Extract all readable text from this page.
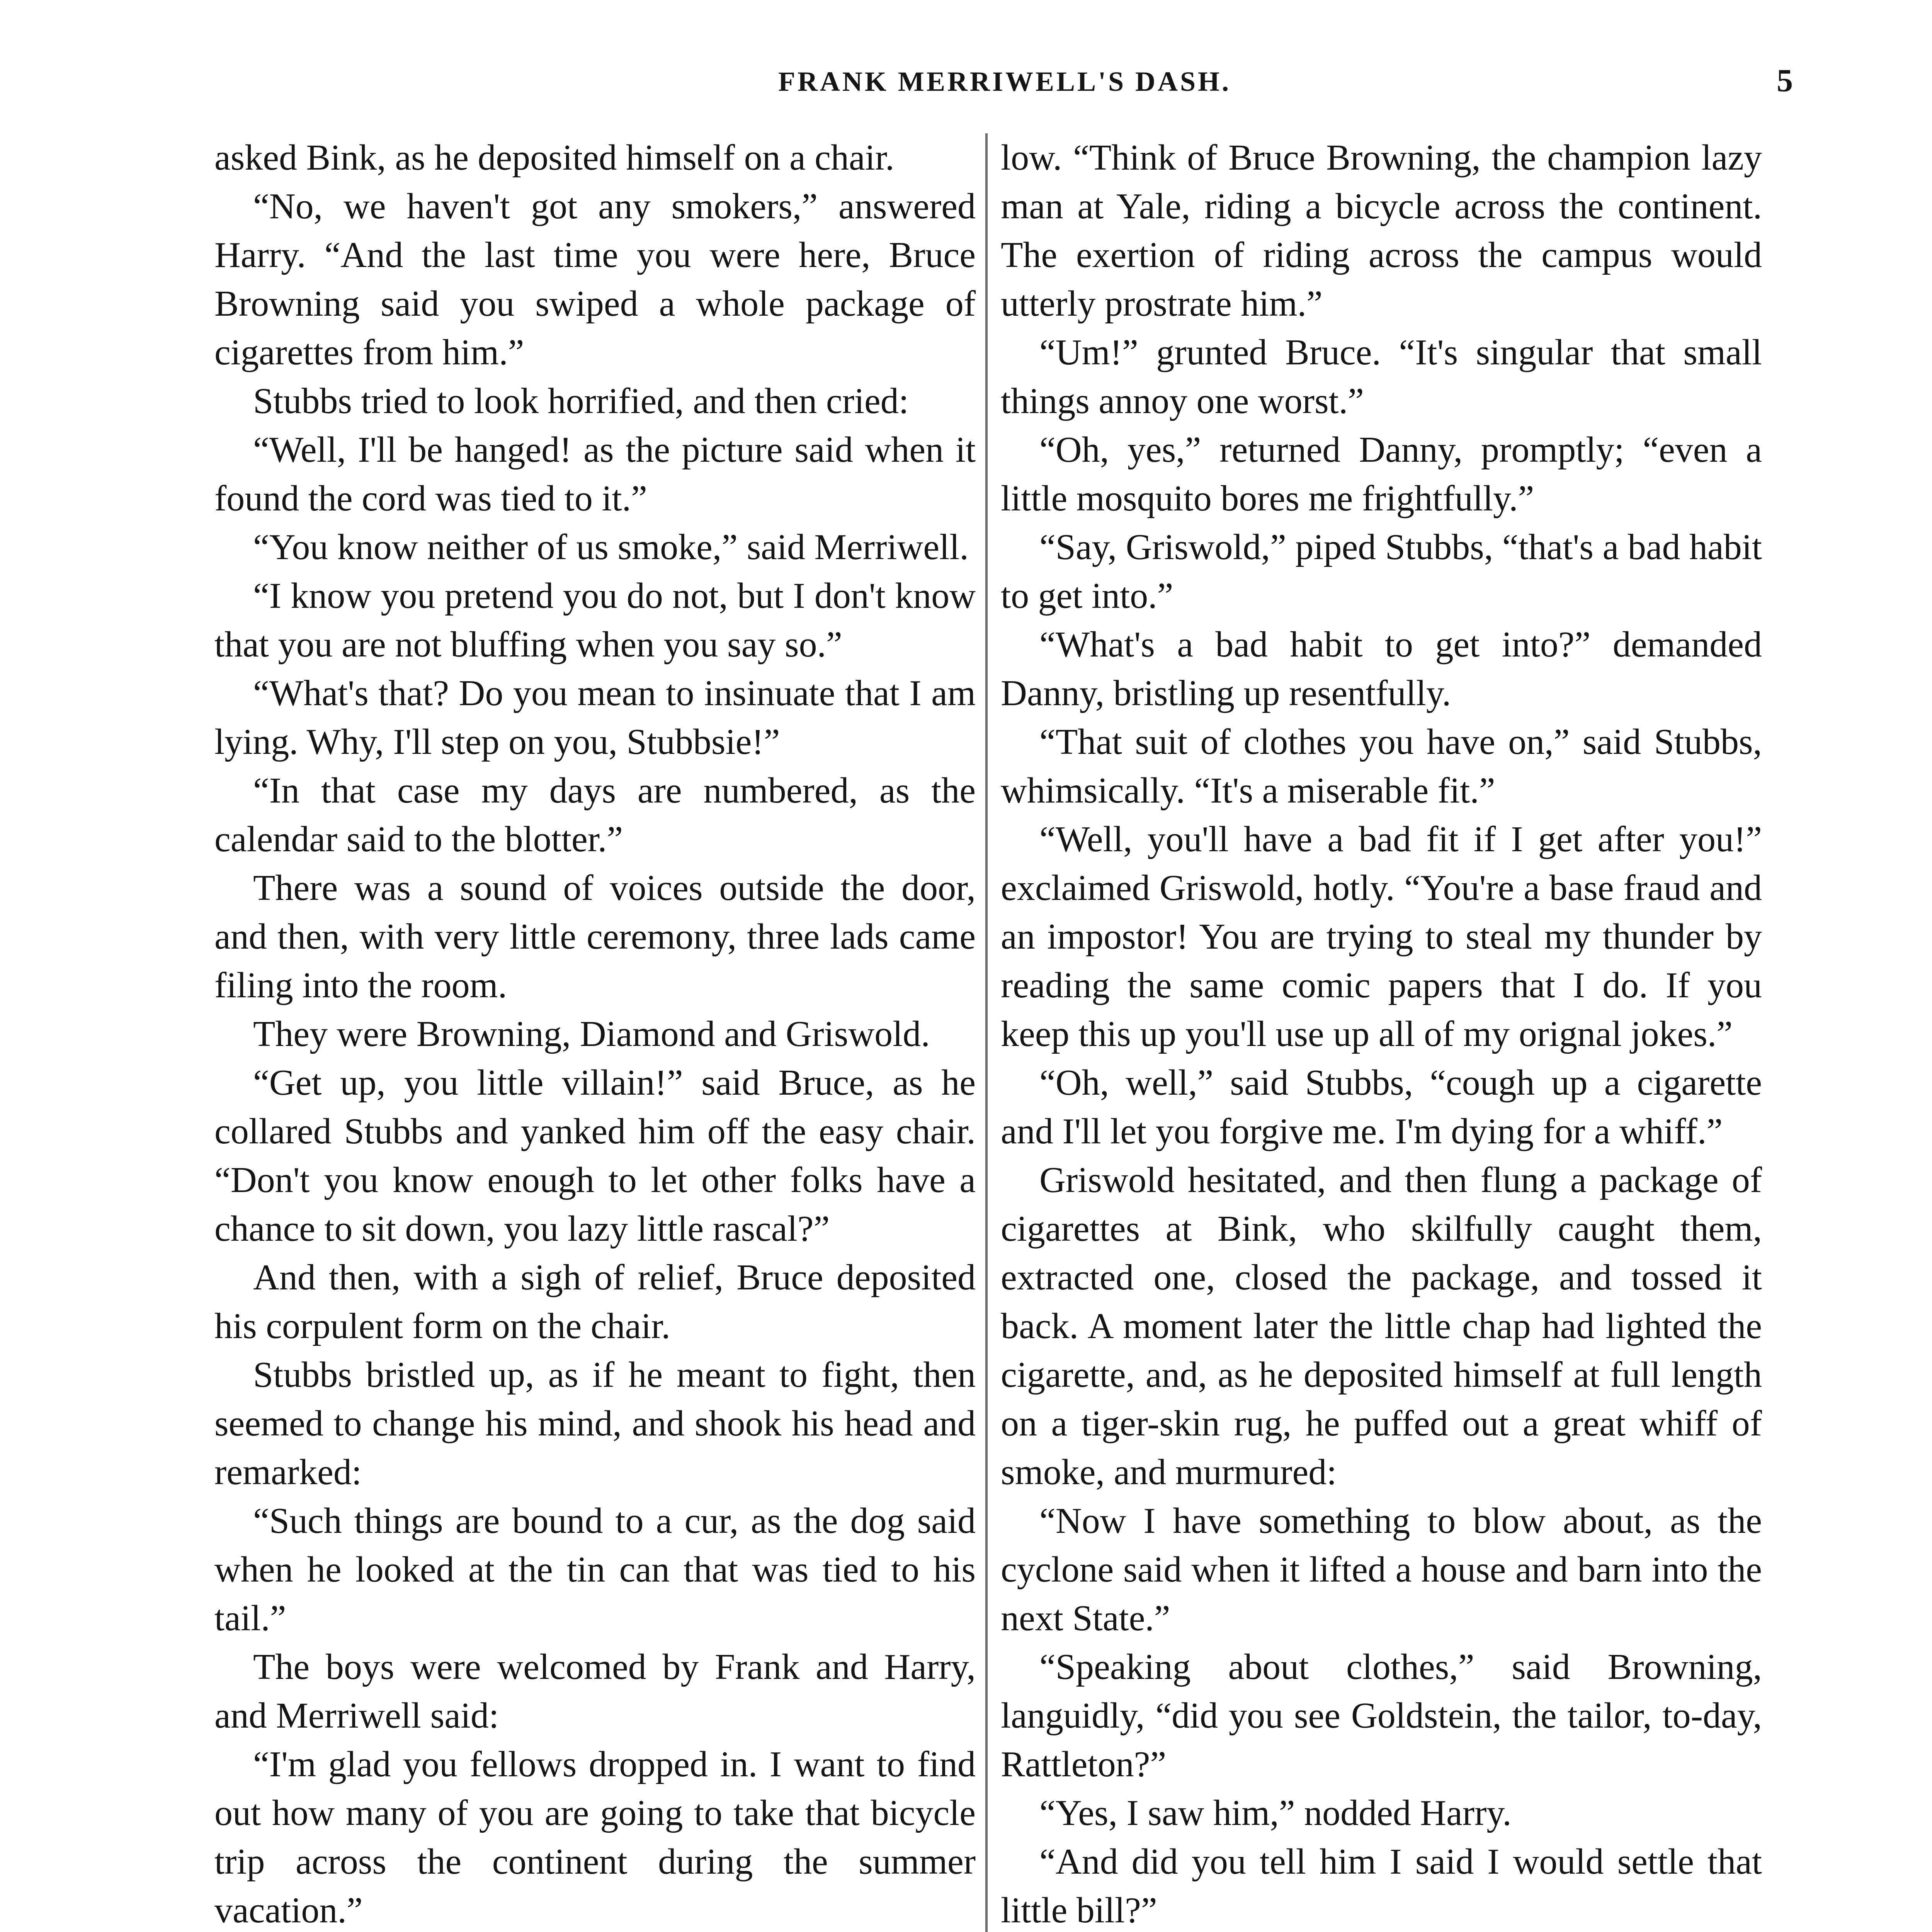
FRANK MERRIWELL'S DASH.	5

asked Bink, as he deposited himself on a chair.

“No, we haven't got any smokers,” answered Harry. “And the last time you were here, Bruce Browning said you swiped a whole package of cigarettes from him.”

Stubbs tried to look horrified, and then cried:

“Well, I'll be hanged! as the picture said when it found the cord was tied to it.”

“You know neither of us smoke,” said Merriwell.

“I know you pretend you do not, but I don't know that you are not bluffing when you say so.”

“What's that? Do you mean to insinuate that I am lying. Why, I'll step on you, Stubbsie!”

“In that case my days are numbered, as the calendar said to the blotter.”

There was a sound of voices outside the door, and then, with very little ceremony, three lads came filing into the room.

They were Browning, Diamond and Griswold.

“Get up, you little villain!” said Bruce, as he collared Stubbs and yanked him off the easy chair. “Don't you know enough to let other folks have a chance to sit down, you lazy little rascal?”

And then, with a sigh of relief, Bruce deposited his corpulent form on the chair.

Stubbs bristled up, as if he meant to fight, then seemed to change his mind, and shook his head and remarked:

“Such things are bound to a cur, as the dog said when he looked at the tin can that was tied to his tail.”

The boys were welcomed by Frank and Harry, and Merriwell said:

“I'm glad you fellows dropped in. I want to find out how many of you are going to take that bicycle trip across the continent during the summer vacation.”

low. “Think of Bruce Browning, the champion lazy man at Yale, riding a bicycle across the continent. The exertion of riding across the campus would utterly prostrate him.”

“Um!” grunted Bruce. “It's singular that small things annoy one worst.”

“Oh, yes,” returned Danny, promptly; “even a little mosquito bores me frightfully.”

“Say, Griswold,” piped Stubbs, “that's a bad habit to get into.”

“What's a bad habit to get into?” demanded Danny, bristling up resentfully.

“That suit of clothes you have on,” said Stubbs, whimsically. “It's a miserable fit.”

“Well, you'll have a bad fit if I get after you!” exclaimed Griswold, hotly. “You're a base fraud and an impostor! You are trying to steal my thunder by reading the same comic papers that I do. If you keep this up you'll use up all of my orignal jokes.”

“Oh, well,” said Stubbs, “cough up a cigarette and I'll let you forgive me. I'm dying for a whiff.”

Griswold hesitated, and then flung a package of cigarettes at Bink, who skilfully caught them, extracted one, closed the package, and tossed it back. A moment later the little chap had lighted the cigarette, and, as he deposited himself at full length on a tiger-skin rug, he puffed out a great whiff of smoke, and murmured:

“Now I have something to blow about, as the cyclone said when it lifted a house and barn into the next State.”

“Speaking about clothes,” said Browning, languidly, “did you see Goldstein, the tailor, to-day, Rattleton?”

“Yes, I saw him,” nodded Harry.

“And did you tell him I said I would settle that little bill?”
